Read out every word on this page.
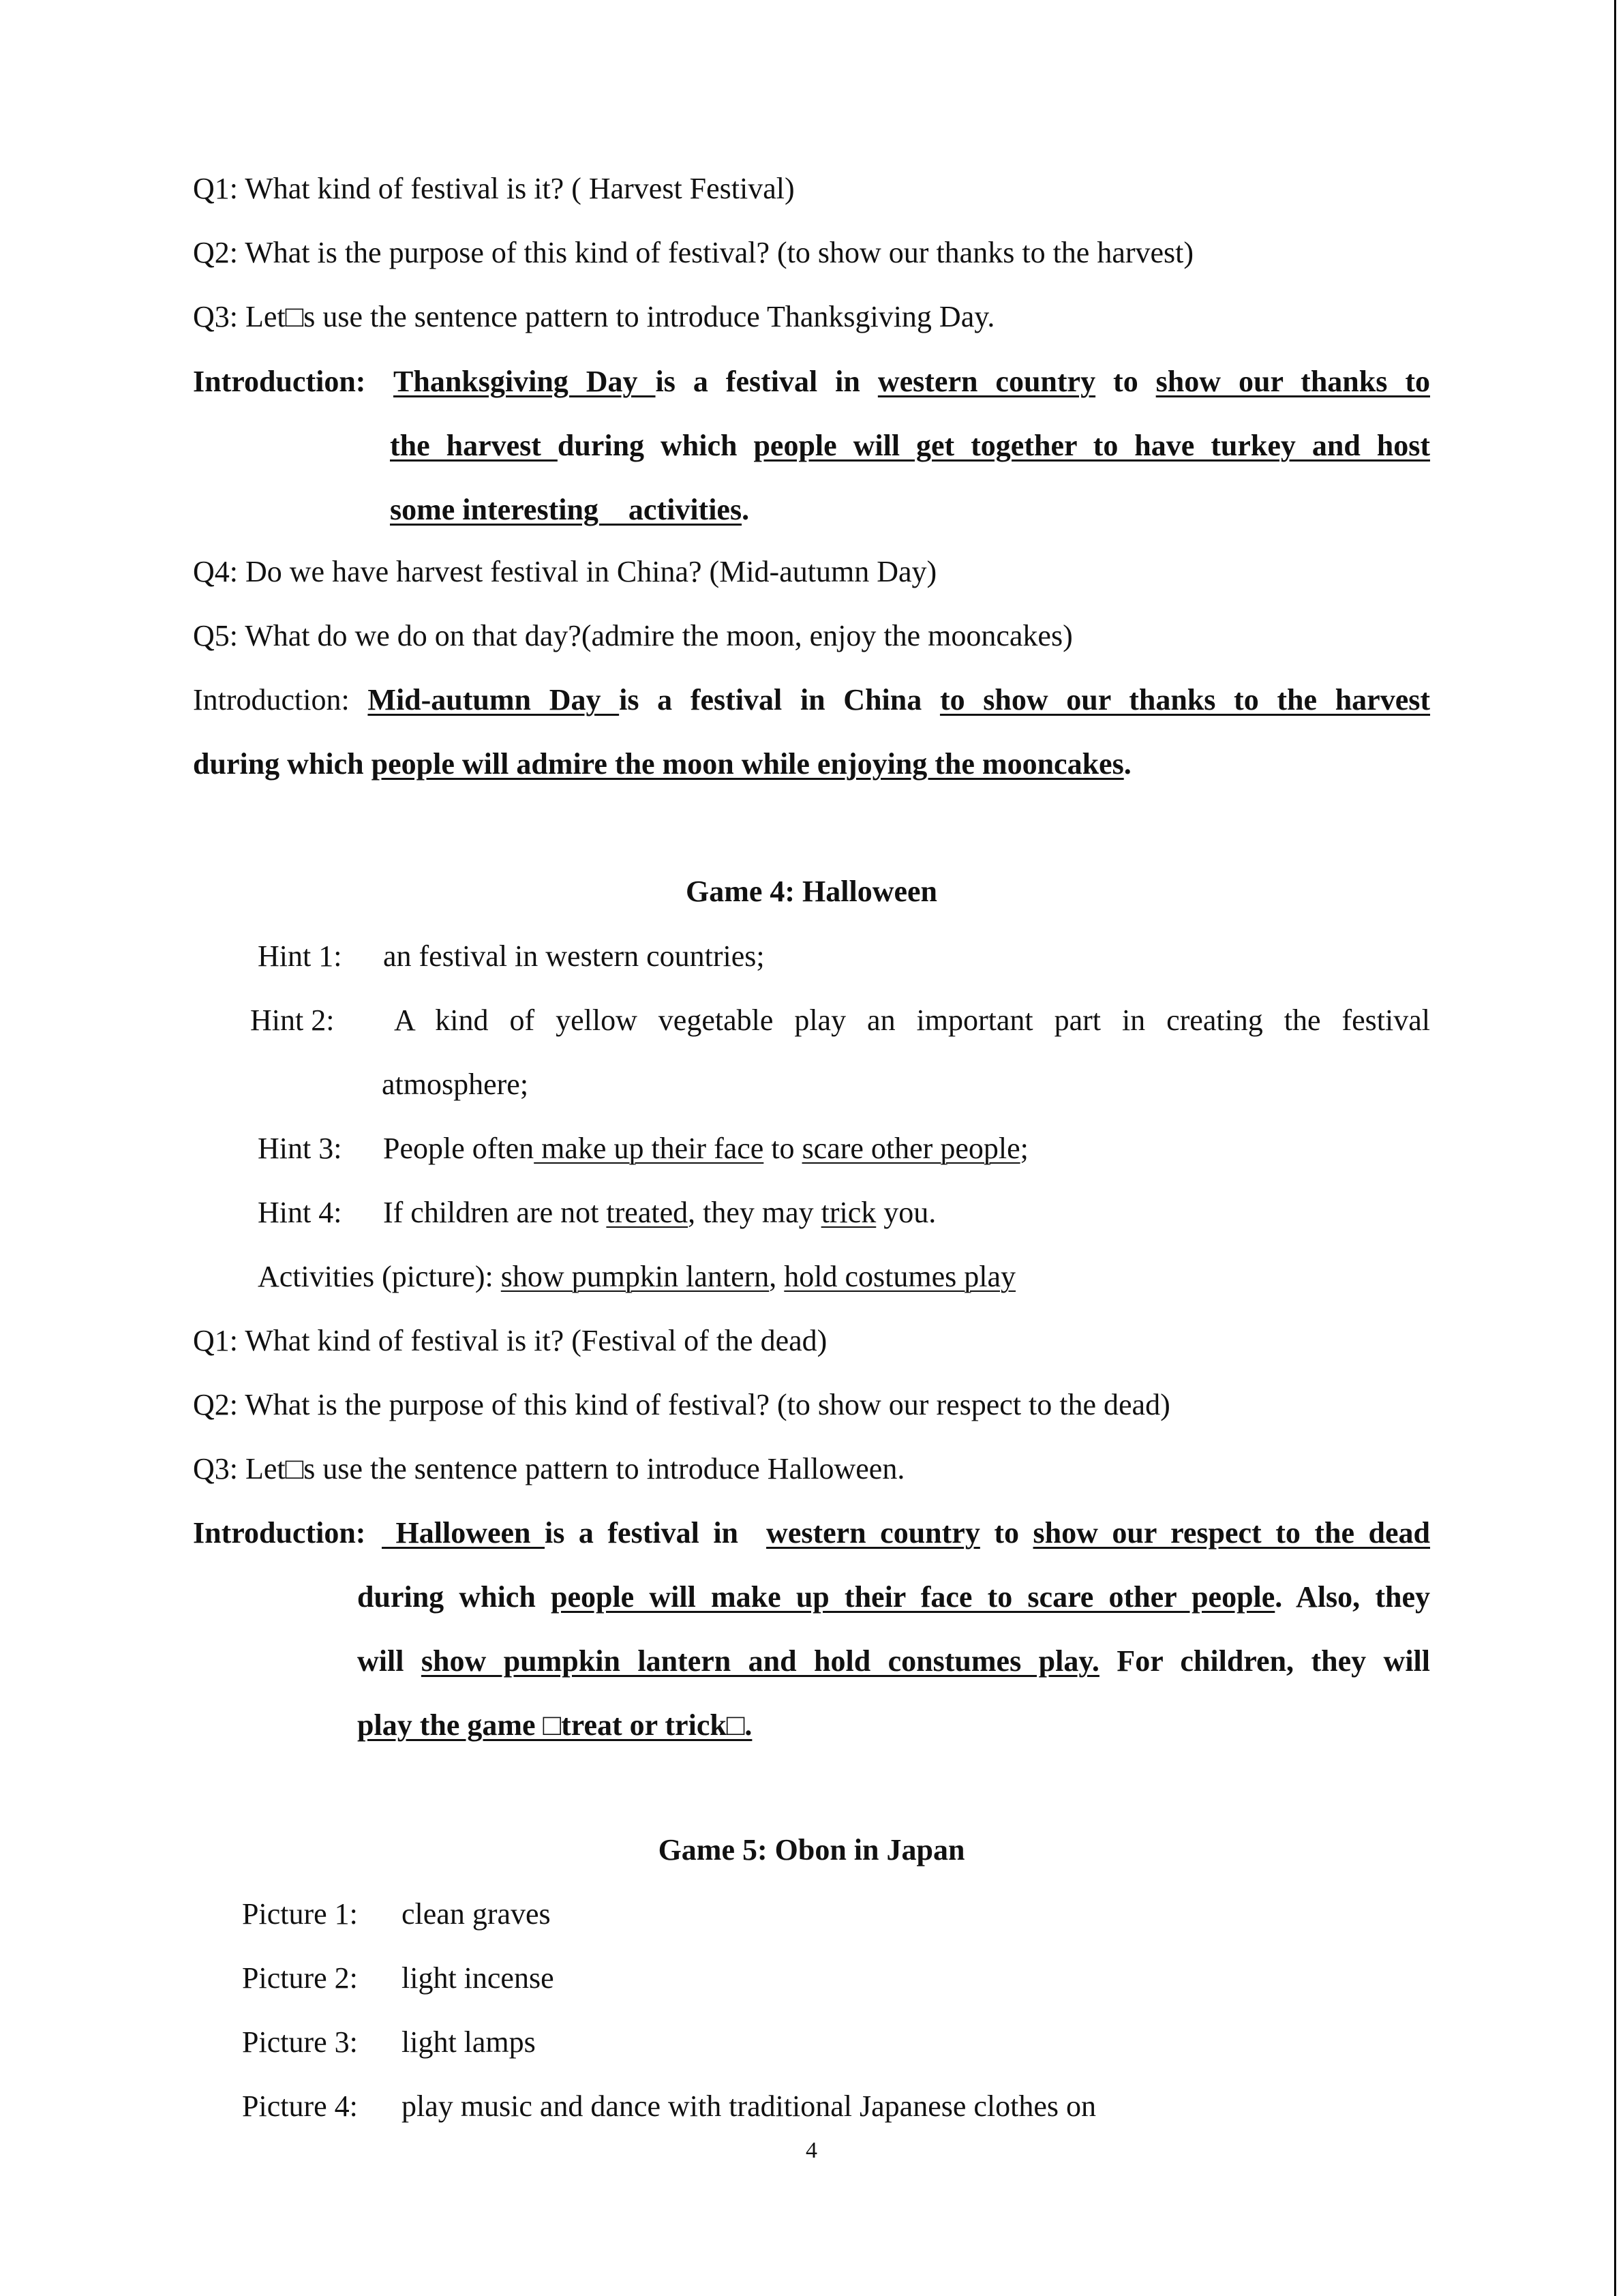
Q1: What kind of festival is it? ( Harvest Festival)
Q2: What is the purpose of this kind of festival? (to show our thanks to the harvest)
Q3: Let□s use the sentence pattern to introduce Thanksgiving Day.
Introduction: Thanksgiving Day is a festival in western country to show our thanks to
the harvest during which people will get together to have turkey and host
some interesting    activities.
Q4: Do we have harvest festival in China? (Mid-autumn Day)
Q5: What do we do on that day?(admire the moon, enjoy the mooncakes)
Introduction: Mid-autumn Day is a festival in China to show our thanks to the harvest
during which people will admire the moon while enjoying the mooncakes.
Game 4: Halloween
Hint 1: an festival in western countries;
Hint 2: A kind of yellow vegetable play an important part in creating the festival
atmosphere;
Hint 3: People often make up their face to scare other people;
Hint 4: If children are not treated, they may trick you.
Activities (picture): show pumpkin lantern, hold costumes play
Q1: What kind of festival is it? (Festival of the dead)
Q2: What is the purpose of this kind of festival? (to show our respect to the dead)
Q3: Let□s use the sentence pattern to introduce Halloween.
Introduction: Halloween is a festival in  western country to show our respect to the dead
during which people will make up their face to scare other people. Also, they
will show pumpkin lantern and hold constumes play. For children, they will
play the game □treat or trick□.
Game 5: Obon in Japan
Picture 1: clean graves
Picture 2: light incense
Picture 3: light lamps
Picture 4: play music and dance with traditional Japanese clothes on
4
